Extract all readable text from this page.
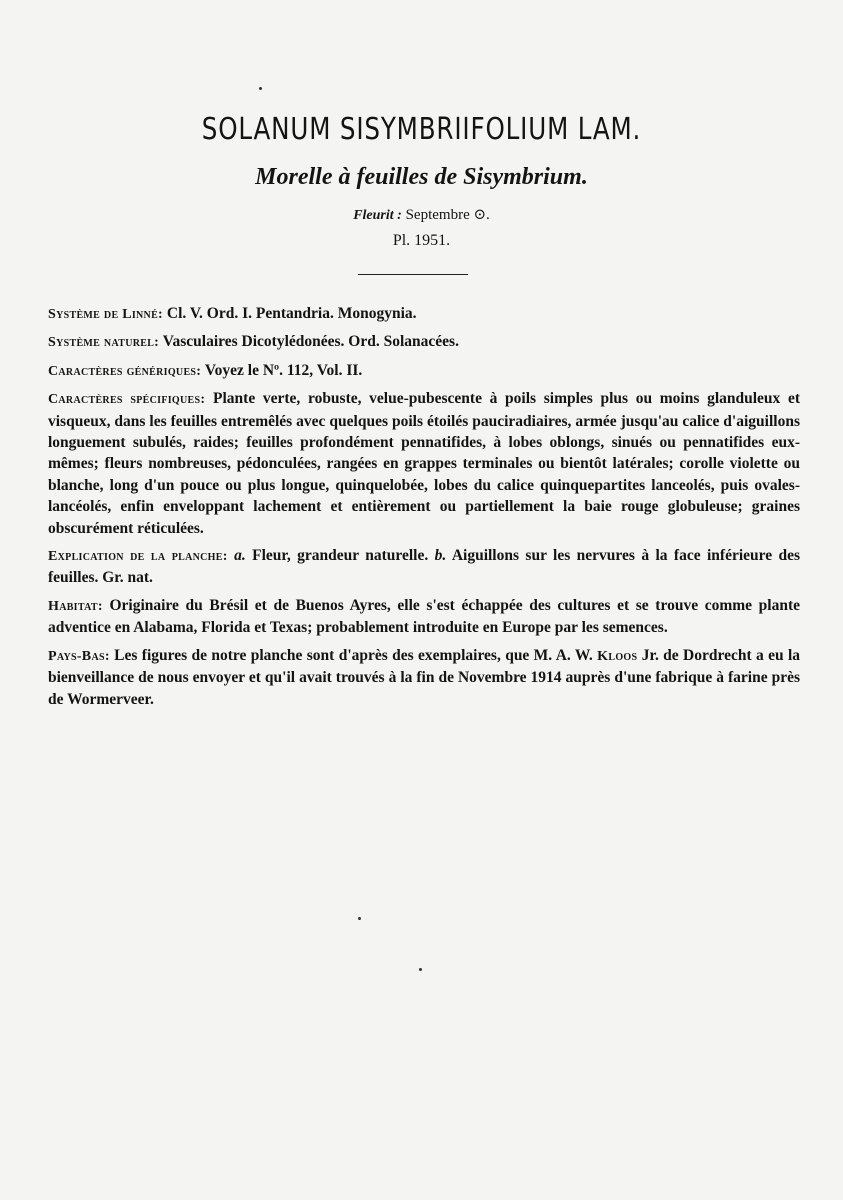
SOLANUM SISYMBRIIFOLIUM LAM.
Morelle à feuilles de Sisymbrium.
Fleurit : Septembre ⊙.
Pl. 1951.

Système de Linné: Cl. V. Ord. I. Pentandria. Monogynia.

Système naturel: Vasculaires Dicotylédonées. Ord. Solanacées.

Caractères génériques: Voyez le Nº. 112, Vol. II.

Caractères spécifiques: Plante verte, robuste, velue-pubescente à poils simples plus ou moins glanduleux et visqueux, dans les feuilles entremêlés avec quelques poils étoilés pauciradiaires, armée jusqu'au calice d'aiguillons longuement subulés, raides; feuilles profondément pennatifides, à lobes oblongs, sinués ou pennatifides eux-mêmes; fleurs nombreuses, pédonculées, rangées en grappes terminales ou bientôt latérales; corolle violette ou blanche, long d'un pouce ou plus longue, quinquelobée, lobes du calice quinquepartites lanceolés, puis ovales-lancéolés, enfin enveloppant lachement et entièrement ou partiellement la baie rouge globuleuse; graines obscurément réticulées.

Explication de la planche: a. Fleur, grandeur naturelle. b. Aiguillons sur les nervures à la face inférieure des feuilles. Gr. nat.

Habitat: Originaire du Brésil et de Buenos Ayres, elle s'est échappée des cultures et se trouve comme plante adventice en Alabama, Florida et Texas; probablement introduite en Europe par les semences.

Pays-Bas: Les figures de notre planche sont d'après des exemplaires, que M. A. W. Kloos Jr. de Dordrecht a eu la bienveillance de nous envoyer et qu'il avait trouvés à la fin de Novembre 1914 auprès d'une fabrique à farine près de Wormerveer.
